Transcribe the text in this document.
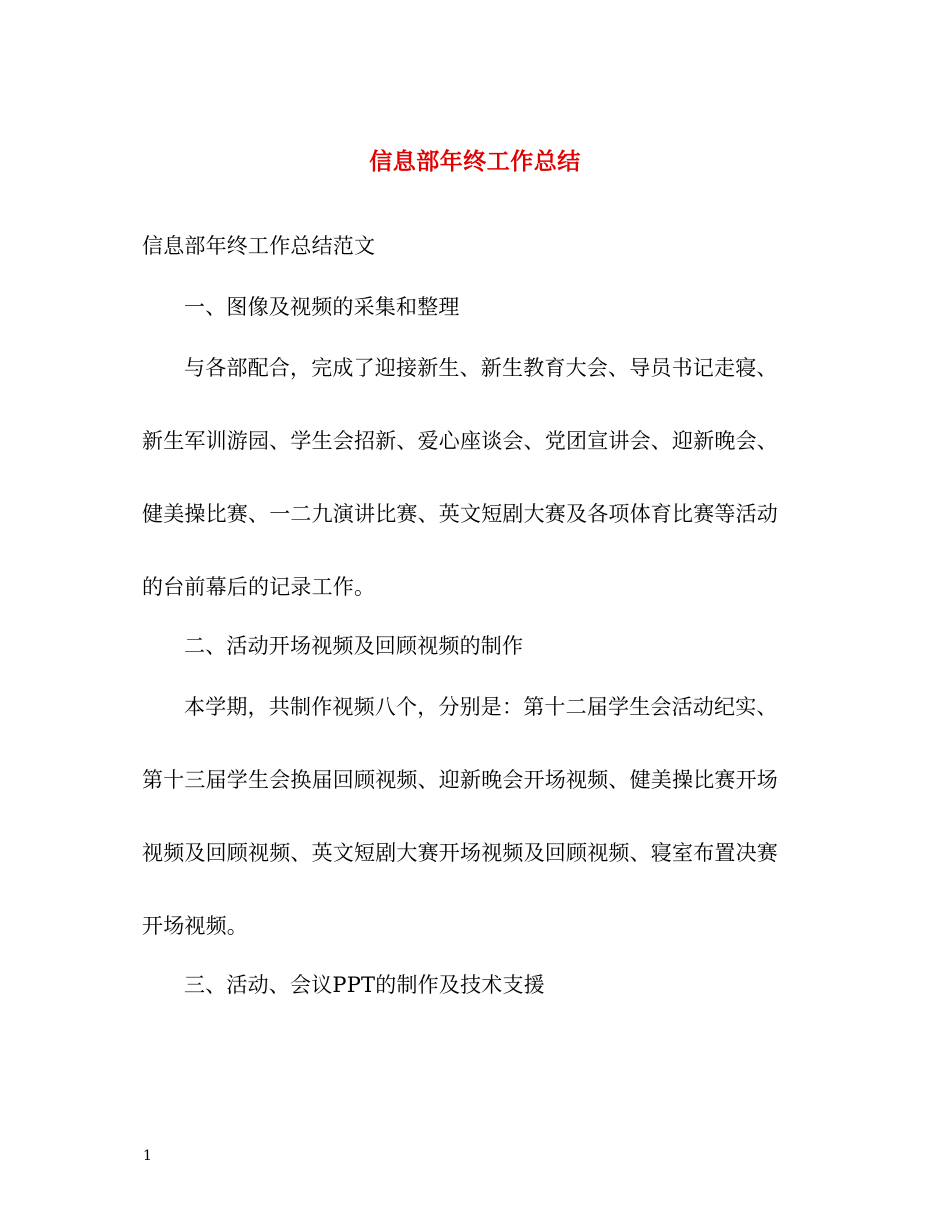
信息部年终工作总结
信息部年终工作总结范文
一、图像及视频的采集和整理
与各部配合，完成了迎接新生、新生教育大会、导员书记走寝、
新生军训游园、学生会招新、爱心座谈会、党团宣讲会、迎新晚会、
健美操比赛、一二九演讲比赛、英文短剧大赛及各项体育比赛等活动
的台前幕后的记录工作。
二、活动开场视频及回顾视频的制作
本学期，共制作视频八个，分别是：第十二届学生会活动纪实、
第十三届学生会换届回顾视频、迎新晚会开场视频、健美操比赛开场
视频及回顾视频、英文短剧大赛开场视频及回顾视频、寝室布置决赛
开场视频。
三、活动、会议PPT的制作及技术支援
1
